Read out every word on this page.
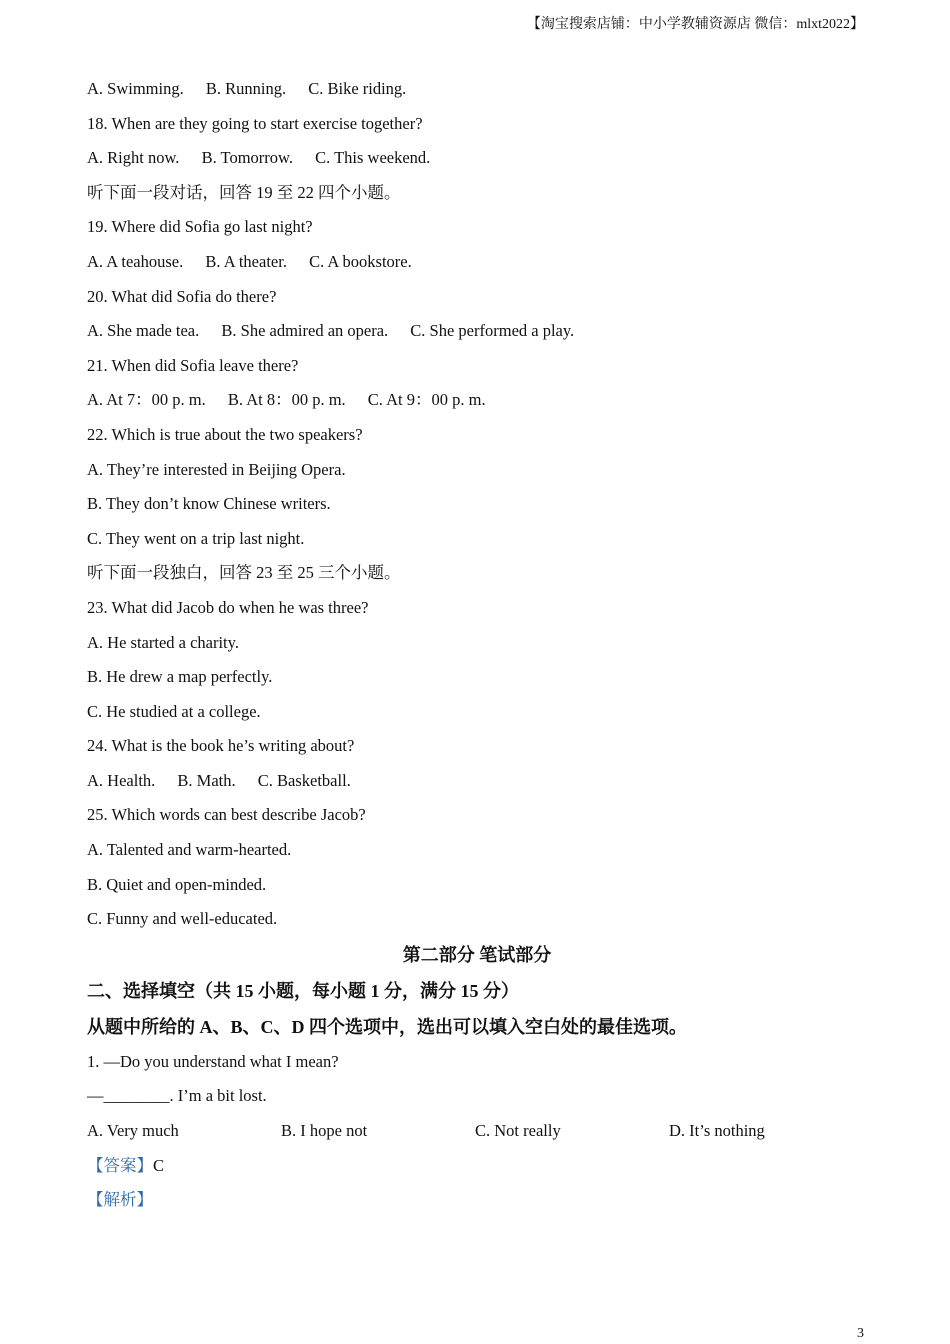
【淘宝搜索店铺：中小学教辅资源店 微信：mlxt2022】
A. Swimming. B. Running. C. Bike riding.
18. When are they going to start exercise together?
A. Right now. B. Tomorrow. C. This weekend.
听下面一段对话，回答 19 至 22 四个小题。
19. Where did Sofia go last night?
A. A teahouse. B. A theater. C. A bookstore.
20. What did Sofia do there?
A. She made tea. B. She admired an opera. C. She performed a play.
21. When did Sofia leave there?
A. At 7：00 p. m. B. At 8：00 p. m. C. At 9：00 p. m.
22. Which is true about the two speakers?
A. They’re interested in Beijing Opera.
B. They don’t know Chinese writers.
C. They went on a trip last night.
听下面一段独白，回答 23 至 25 三个小题。
23. What did Jacob do when he was three?
A. He started a charity.
B. He drew a map perfectly.
C. He studied at a college.
24. What is the book he’s writing about?
A. Health. B. Math. C. Basketball.
25. Which words can best describe Jacob?
A. Talented and warm-hearted.
B. Quiet and open-minded.
C. Funny and well-educated.
第二部分 笔试部分
二、选择填空（共 15 小题，每小题 1 分，满分 15 分）
从题中所给的 A、B、C、D 四个选项中，选出可以填入空白处的最佳选项。
1. —Do you understand what I mean?
—________. I’m a bit lost.
A. Very much	B. I hope not	C. Not really	D. It’s nothing
【答案】C
【解析】
3
